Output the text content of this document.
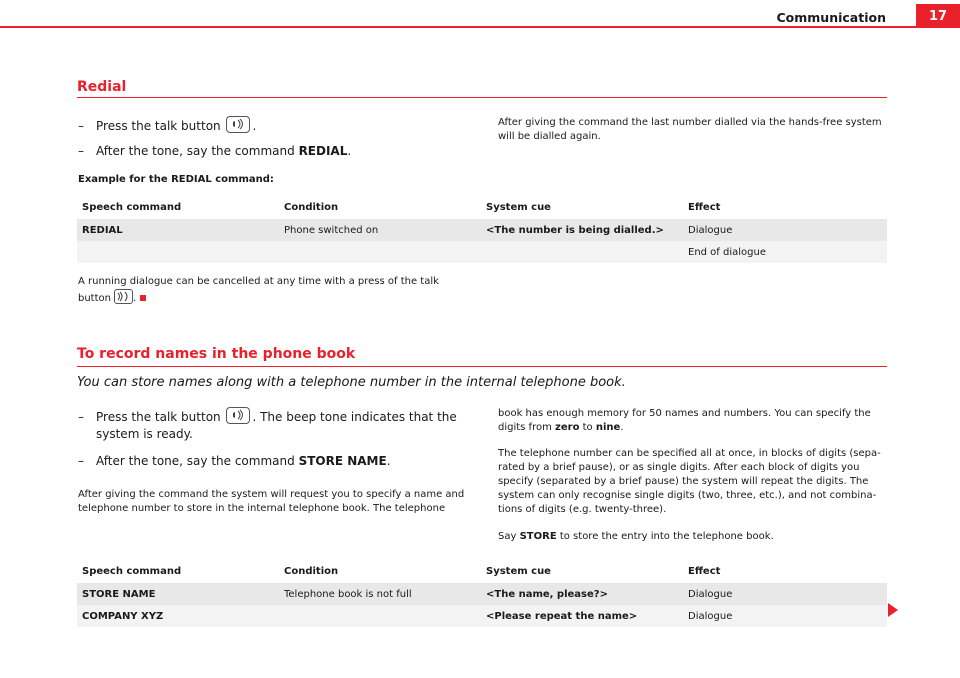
Communication	17
Redial
– Press the talk button	.
– After the tone, say the command REDIAL.
After giving the command the last number dialled via the hands-free system will be dialled again.
Example for the REDIAL command:
Speech command	Condition	System cue	Effect
REDIAL	Phone switched on	<The number is being dialled.>	Dialogue
			End of dialogue
A running dialogue can be cancelled at any time with a press of the talk
button .
To record names in the phone book
You can store names along with a telephone number in the internal telephone book.
– Press the talk button	. The beep tone indicates that the
system is ready.
– After the tone, say the command STORE NAME.
After giving the command the system will request you to specify a name and telephone number to store in the internal telephone book. The telephone
book has enough memory for 50 names and numbers. You can specify the digits from zero to nine.
The telephone number can be specified all at once, in blocks of digits (sepa-rated by a brief pause), or as single digits. After each block of digits you specify (separated by a brief pause) the system will repeat the digits. The system can only recognise single digits (two, three, etc.), and not combina-tions of digits (e.g. twenty-three).
Say STORE to store the entry into the telephone book.
Speech command	Condition	System cue	Effect
STORE NAME	Telephone book is not full	<The name, please?>	Dialogue
COMPANY XYZ		<Please repeat the name>	Dialogue
